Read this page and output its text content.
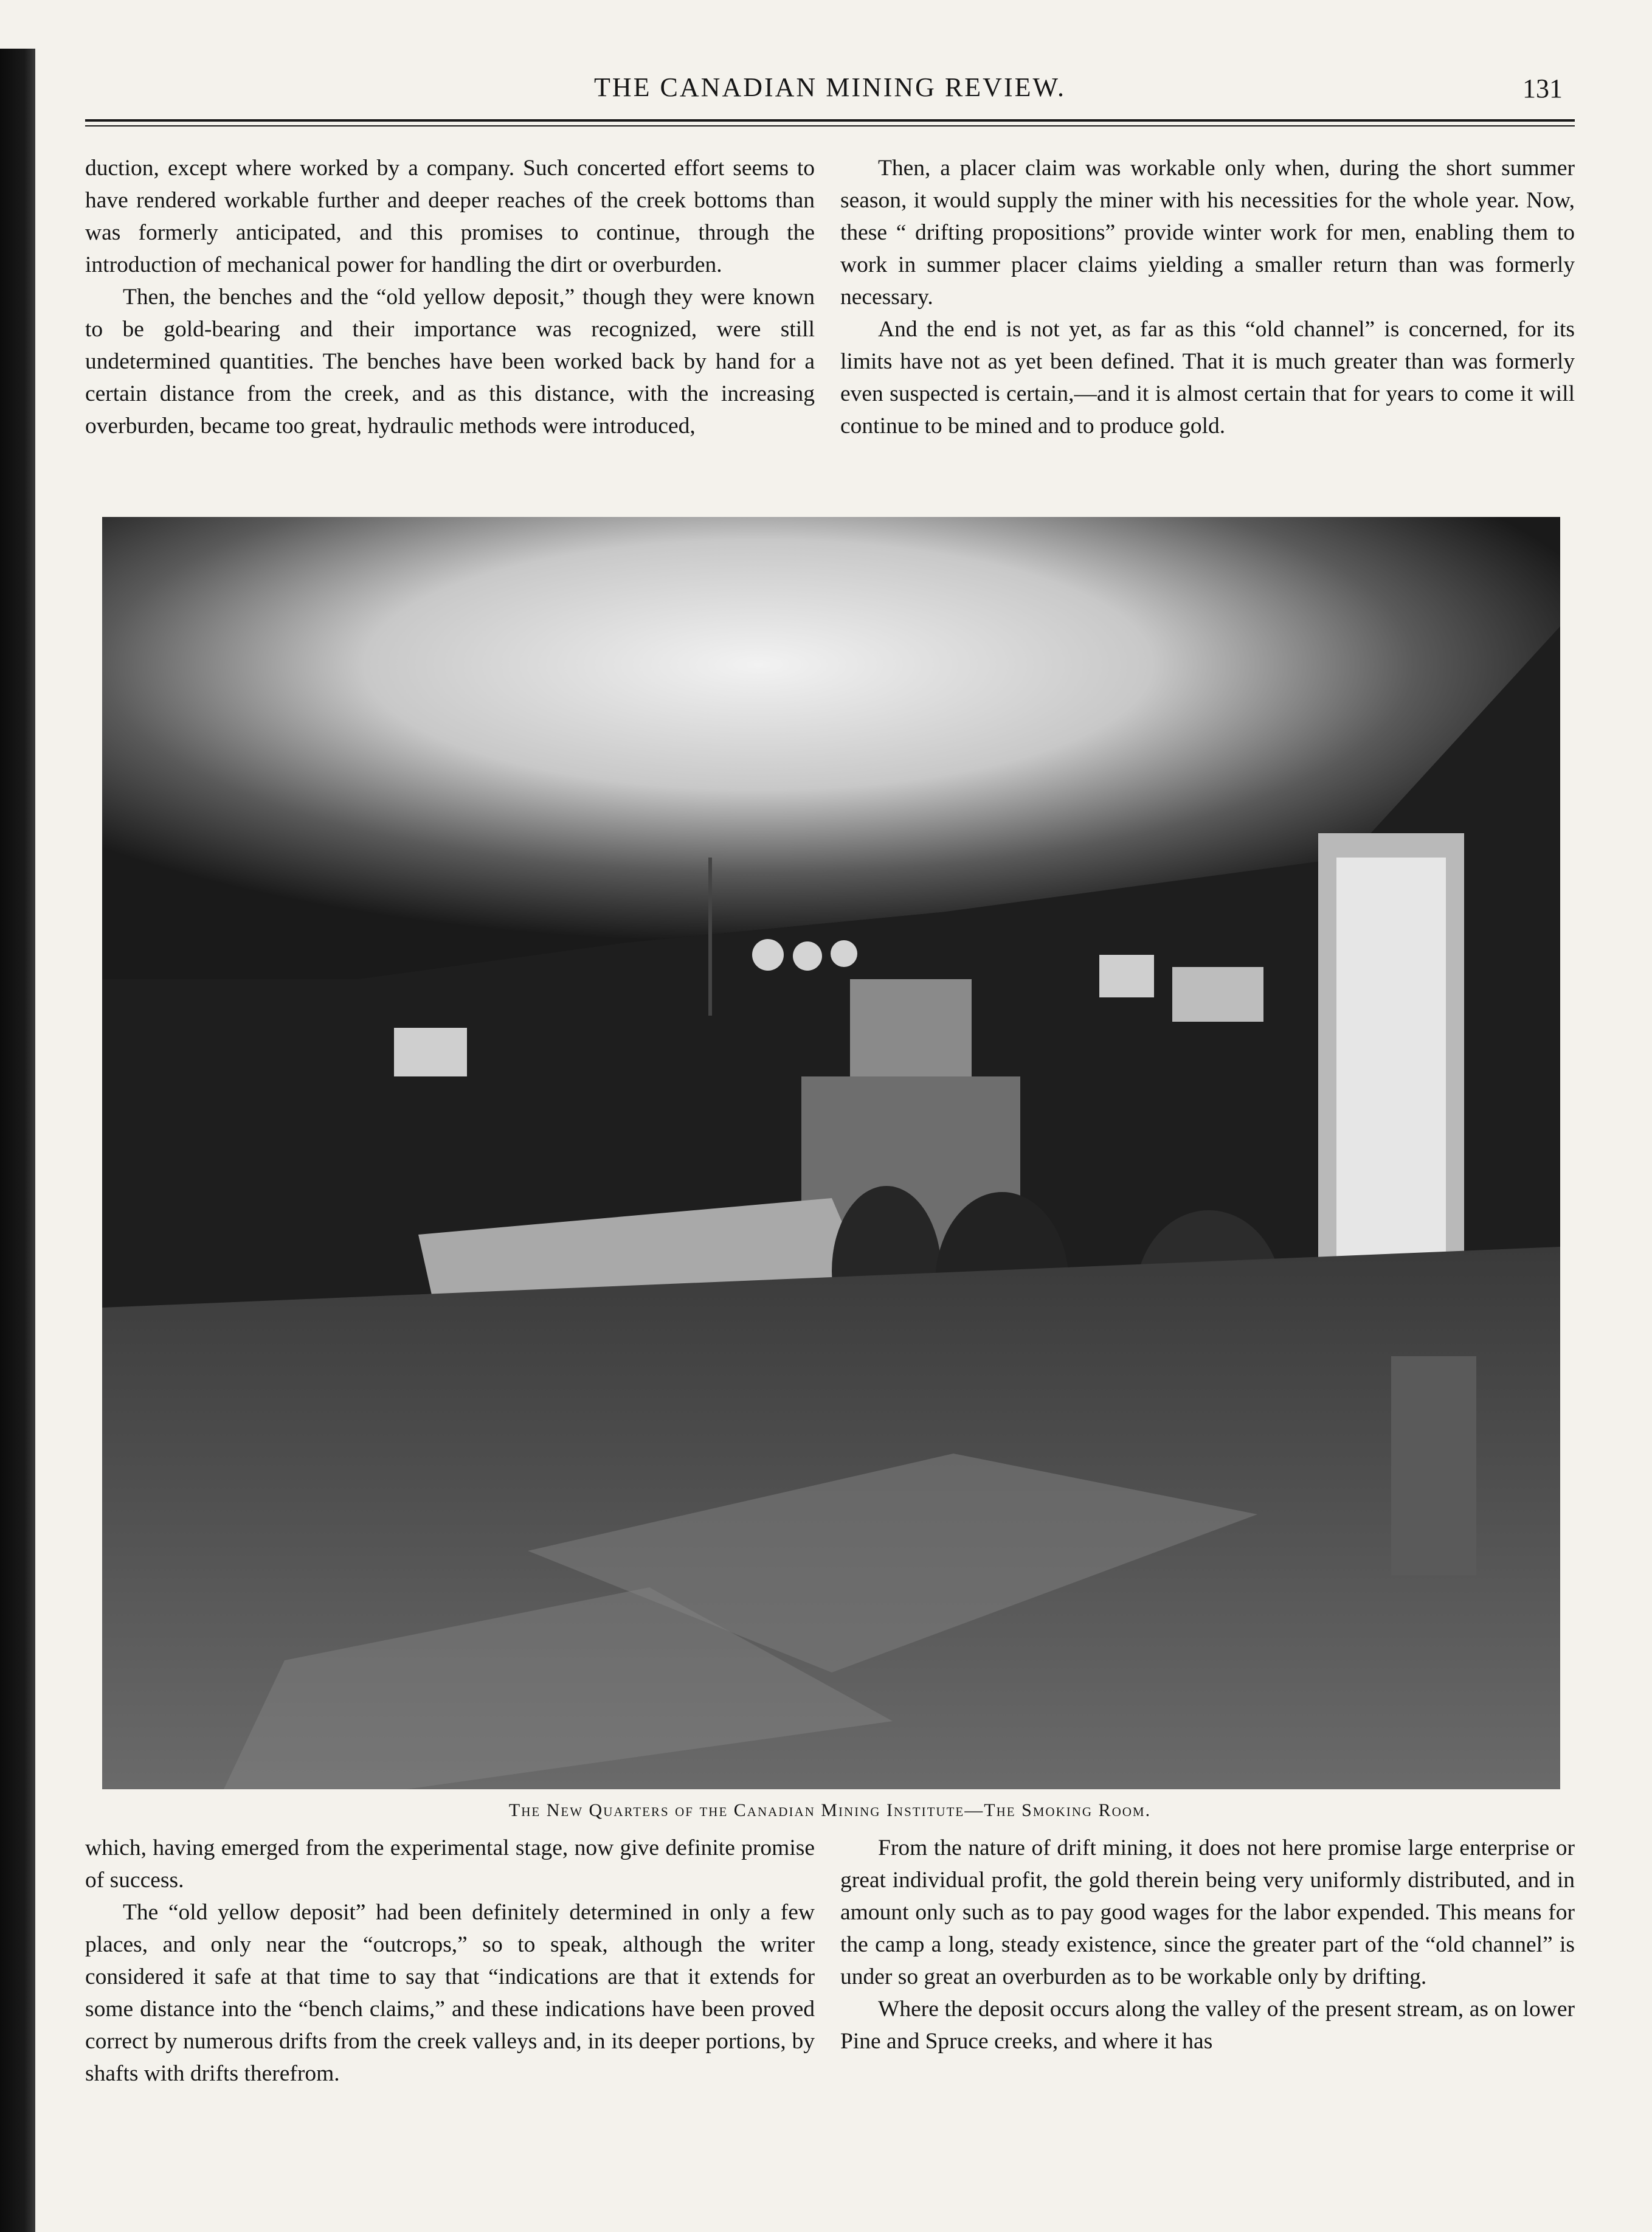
THE CANADIAN MINING REVIEW.	131

duction, except where worked by a company. Such concerted effort seems to have rendered workable further and deeper reaches of the creek bottoms than was formerly anticipated, and this promises to continue, through the introduction of mechanical power for handling the dirt or overburden.

Then, the benches and the “old yellow deposit,” though they were known to be gold-bearing and their importance was recognized, were still undetermined quantities. The benches have been worked back by hand for a certain distance from the creek, and as this distance, with the increasing overburden, became too great, hydraulic methods were introduced,

Then, a placer claim was workable only when, during the short summer season, it would supply the miner with his necessities for the whole year. Now, these “ drifting propositions” provide winter work for men, enabling them to work in summer placer claims yielding a smaller return than was formerly necessary.

And the end is not yet, as far as this “old channel” is concerned, for its limits have not as yet been defined. That it is much greater than was formerly even suspected is certain,—and it is almost certain that for years to come it will continue to be mined and to produce gold.

The New Quarters of the Canadian Mining Institute—The Smoking Room.

which, having emerged from the experimental stage, now give definite promise of success.

The “old yellow deposit” had been definitely determined in only a few places, and only near the “outcrops,” so to speak, although the writer considered it safe at that time to say that “indications are that it extends for some distance into the “bench claims,” and these indications have been proved correct by numerous drifts from the creek valleys and, in its deeper portions, by shafts with drifts therefrom.

From the nature of drift mining, it does not here promise large enterprise or great individual profit, the gold therein being very uniformly distributed, and in amount only such as to pay good wages for the labor expended. This means for the camp a long, steady existence, since the greater part of the “old channel” is under so great an overburden as to be workable only by drifting.

Where the deposit occurs along the valley of the present stream, as on lower Pine and Spruce creeks, and where it has
